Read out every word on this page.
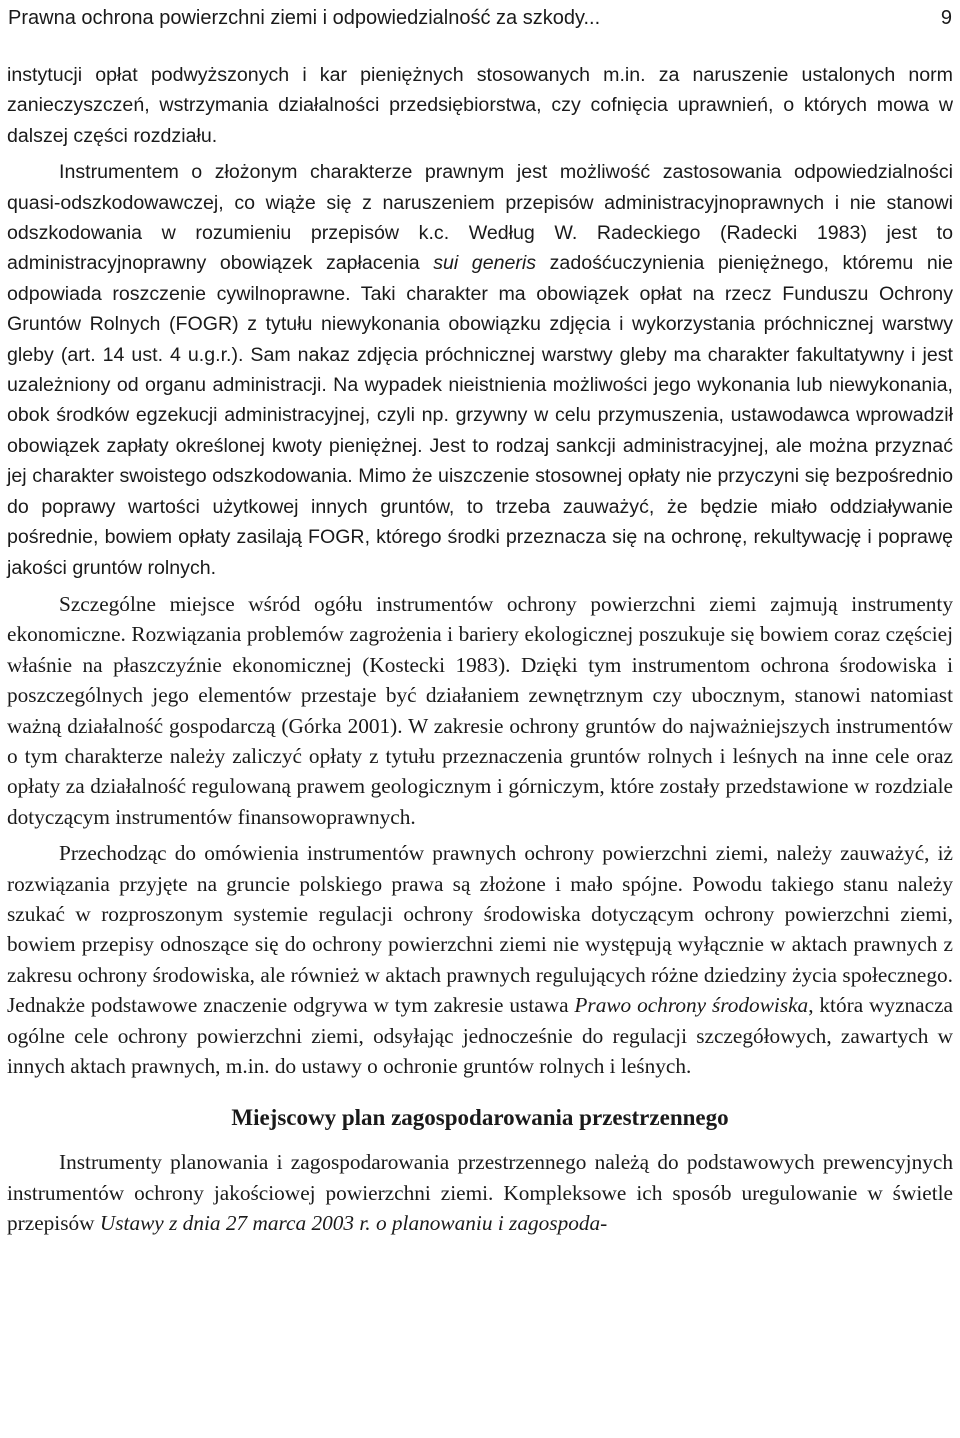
Prawna ochrona powierzchni ziemi i odpowiedzialność za szkody...	9

instytucji opłat podwyższonych i kar pieniężnych stosowanych m.in. za naruszenie ustalonych norm zanieczyszczeń, wstrzymania działalności przedsiębiorstwa, czy cofnięcia uprawnień, o których mowa w dalszej części rozdziału.

Instrumentem o złożonym charakterze prawnym jest możliwość zastosowania odpowiedzialności quasi-odszkodowawczej, co wiąże się z naruszeniem przepisów administracyjnoprawnych i nie stanowi odszkodowania w rozumieniu przepisów k.c. Według W. Radeckiego (Radecki 1983) jest to administracyjnoprawny obowiązek zapłacenia sui generis zadośćuczynienia pieniężnego, któremu nie odpowiada roszczenie cywilnoprawne. Taki charakter ma obowiązek opłat na rzecz Funduszu Ochrony Gruntów Rolnych (FOGR) z tytułu niewykonania obowiązku zdjęcia i wykorzystania próchnicznej warstwy gleby (art. 14 ust. 4 u.g.r.). Sam nakaz zdjęcia próchnicznej warstwy gleby ma charakter fakultatywny i jest uzależniony od organu administracji. Na wypadek nieistnienia możliwości jego wykonania lub niewykonania, obok środków egzekucji administracyjnej, czyli np. grzywny w celu przymuszenia, ustawodawca wprowadził obowiązek zapłaty określonej kwoty pieniężnej. Jest to rodzaj sankcji administracyjnej, ale można przyznać jej charakter swoistego odszkodowania. Mimo że uiszczenie stosownej opłaty nie przyczyni się bezpośrednio do poprawy wartości użytkowej innych gruntów, to trzeba zauważyć, że będzie miało oddziaływanie pośrednie, bowiem opłaty zasilają FOGR, którego środki przeznacza się na ochronę, rekultywację i poprawę jakości gruntów rolnych.

Szczególne miejsce wśród ogółu instrumentów ochrony powierzchni ziemi zajmują instrumenty ekonomiczne. Rozwiązania problemów zagrożenia i bariery ekologicznej poszukuje się bowiem coraz częściej właśnie na płaszczyźnie ekonomicznej (Kostecki 1983). Dzięki tym instrumentom ochrona środowiska i poszczególnych jego elementów przestaje być działaniem zewnętrznym czy ubocznym, stanowi natomiast ważną działalność gospodarczą (Górka 2001). W zakresie ochrony gruntów do najważniejszych instrumentów o tym charakterze należy zaliczyć opłaty z tytułu przeznaczenia gruntów rolnych i leśnych na inne cele oraz opłaty za działalność regulowaną prawem geologicznym i górniczym, które zostały przedstawione w rozdziale dotyczącym instrumentów finansowoprawnych.

Przechodząc do omówienia instrumentów prawnych ochrony powierzchni ziemi, należy zauważyć, iż rozwiązania przyjęte na gruncie polskiego prawa są złożone i mało spójne. Powodu takiego stanu należy szukać w rozproszonym systemie regulacji ochrony środowiska dotyczącym ochrony powierzchni ziemi, bowiem przepisy odnoszące się do ochrony powierzchni ziemi nie występują wyłącznie w aktach prawnych z zakresu ochrony środowiska, ale również w aktach prawnych regulujących różne dziedziny życia społecznego. Jednakże podstawowe znaczenie odgrywa w tym zakresie ustawa Prawo ochrony środowiska, która wyznacza ogólne cele ochrony powierzchni ziemi, odsyłając jednocześnie do regulacji szczegółowych, zawartych w innych aktach prawnych, m.in. do ustawy o ochronie gruntów rolnych i leśnych.

Miejscowy plan zagospodarowania przestrzennego

Instrumenty planowania i zagospodarowania przestrzennego należą do podstawowych prewencyjnych instrumentów ochrony jakościowej powierzchni ziemi. Kompleksowe ich sposób uregulowanie w świetle przepisów Ustawy z dnia 27 marca 2003 r. o planowaniu i zagospoda-
